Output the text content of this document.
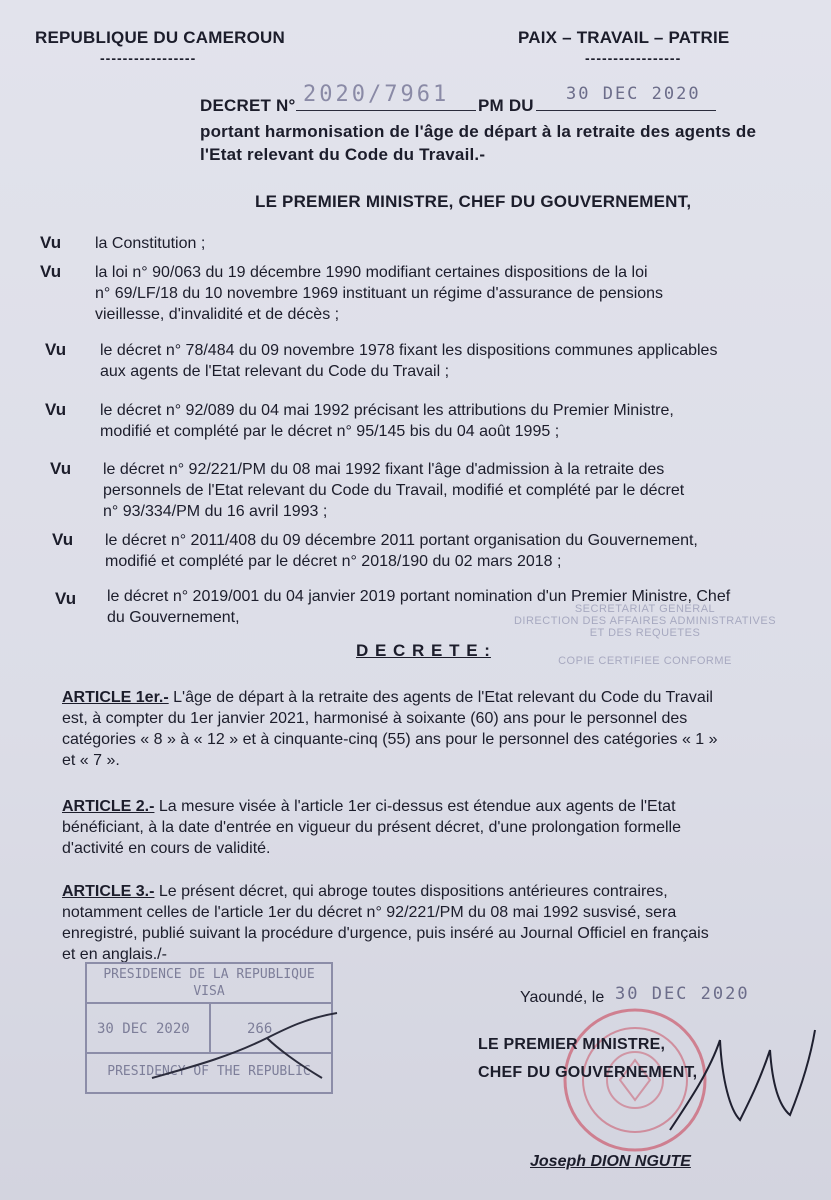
REPUBLIQUE DU CAMEROUN
-----------------
PAIX – TRAVAIL – PATRIE
-----------------
DECRET N° 2020/7961 PM DU
30 DEC 2020
portant harmonisation de l'âge de départ à la retraite des agents de
l'Etat relevant du Code du Travail.-
LE PREMIER MINISTRE, CHEF DU GOUVERNEMENT,
Vu la Constitution ;
Vu la loi n° 90/063 du 19 décembre 1990 modifiant certaines dispositions de la loi
n° 69/LF/18 du 10 novembre 1969 instituant un régime d'assurance de pensions
vieillesse, d'invalidité et de décès ;
Vu le décret n° 78/484 du 09 novembre 1978 fixant les dispositions communes applicables
aux agents de l'Etat relevant du Code du Travail ;
Vu le décret n° 92/089 du 04 mai 1992 précisant les attributions du Premier Ministre,
modifié et complété par le décret n° 95/145 bis du 04 août 1995 ;
Vu le décret n° 92/221/PM du 08 mai 1992 fixant l'âge d'admission à la retraite des
personnels de l'Etat relevant du Code du Travail, modifié et complété par le décret
n° 93/334/PM du 16 avril 1993 ;
Vu le décret n° 2011/408 du 09 décembre 2011 portant organisation du Gouvernement,
modifié et complété par le décret n° 2018/190 du 02 mars 2018 ;
Vu le décret n° 2019/001 du 04 janvier 2019 portant nomination d'un Premier Ministre, Chef
du Gouvernement,	SECRETARIAT GENERAL
DIRECTION DES AFFAIRES ADMINISTRATIVES
ET DES REQUETES
COPIE CERTIFIEE CONFORME
D E C R E T E :
ARTICLE 1er.- L'âge de départ à la retraite des agents de l'Etat relevant du Code du Travail
est, à compter du 1er janvier 2021, harmonisé à soixante (60) ans pour le personnel des
catégories « 8 » à « 12 » et à cinquante-cinq (55) ans pour le personnel des catégories « 1 »
et « 7 ».
ARTICLE 2.- La mesure visée à l'article 1er ci-dessus est étendue aux agents de l'Etat
bénéficiant, à la date d'entrée en vigueur du présent décret, d'une prolongation formelle
d'activité en cours de validité.
ARTICLE 3.- Le présent décret, qui abroge toutes dispositions antérieures contraires,
notamment celles de l'article 1er du décret n° 92/221/PM du 08 mai 1992 susvisé, sera
enregistré, publié suivant la procédure d'urgence, puis inséré au Journal Officiel en français
et en anglais./-
PRESIDENCE DE LA REPUBLIQUE
VISA
30 DEC 2020	266
PRESIDENCY OF THE REPUBLIC
Yaoundé, le 30 DEC 2020
LE PREMIER MINISTRE,
CHEF DU GOUVERNEMENT,
Joseph DION NGUTE
